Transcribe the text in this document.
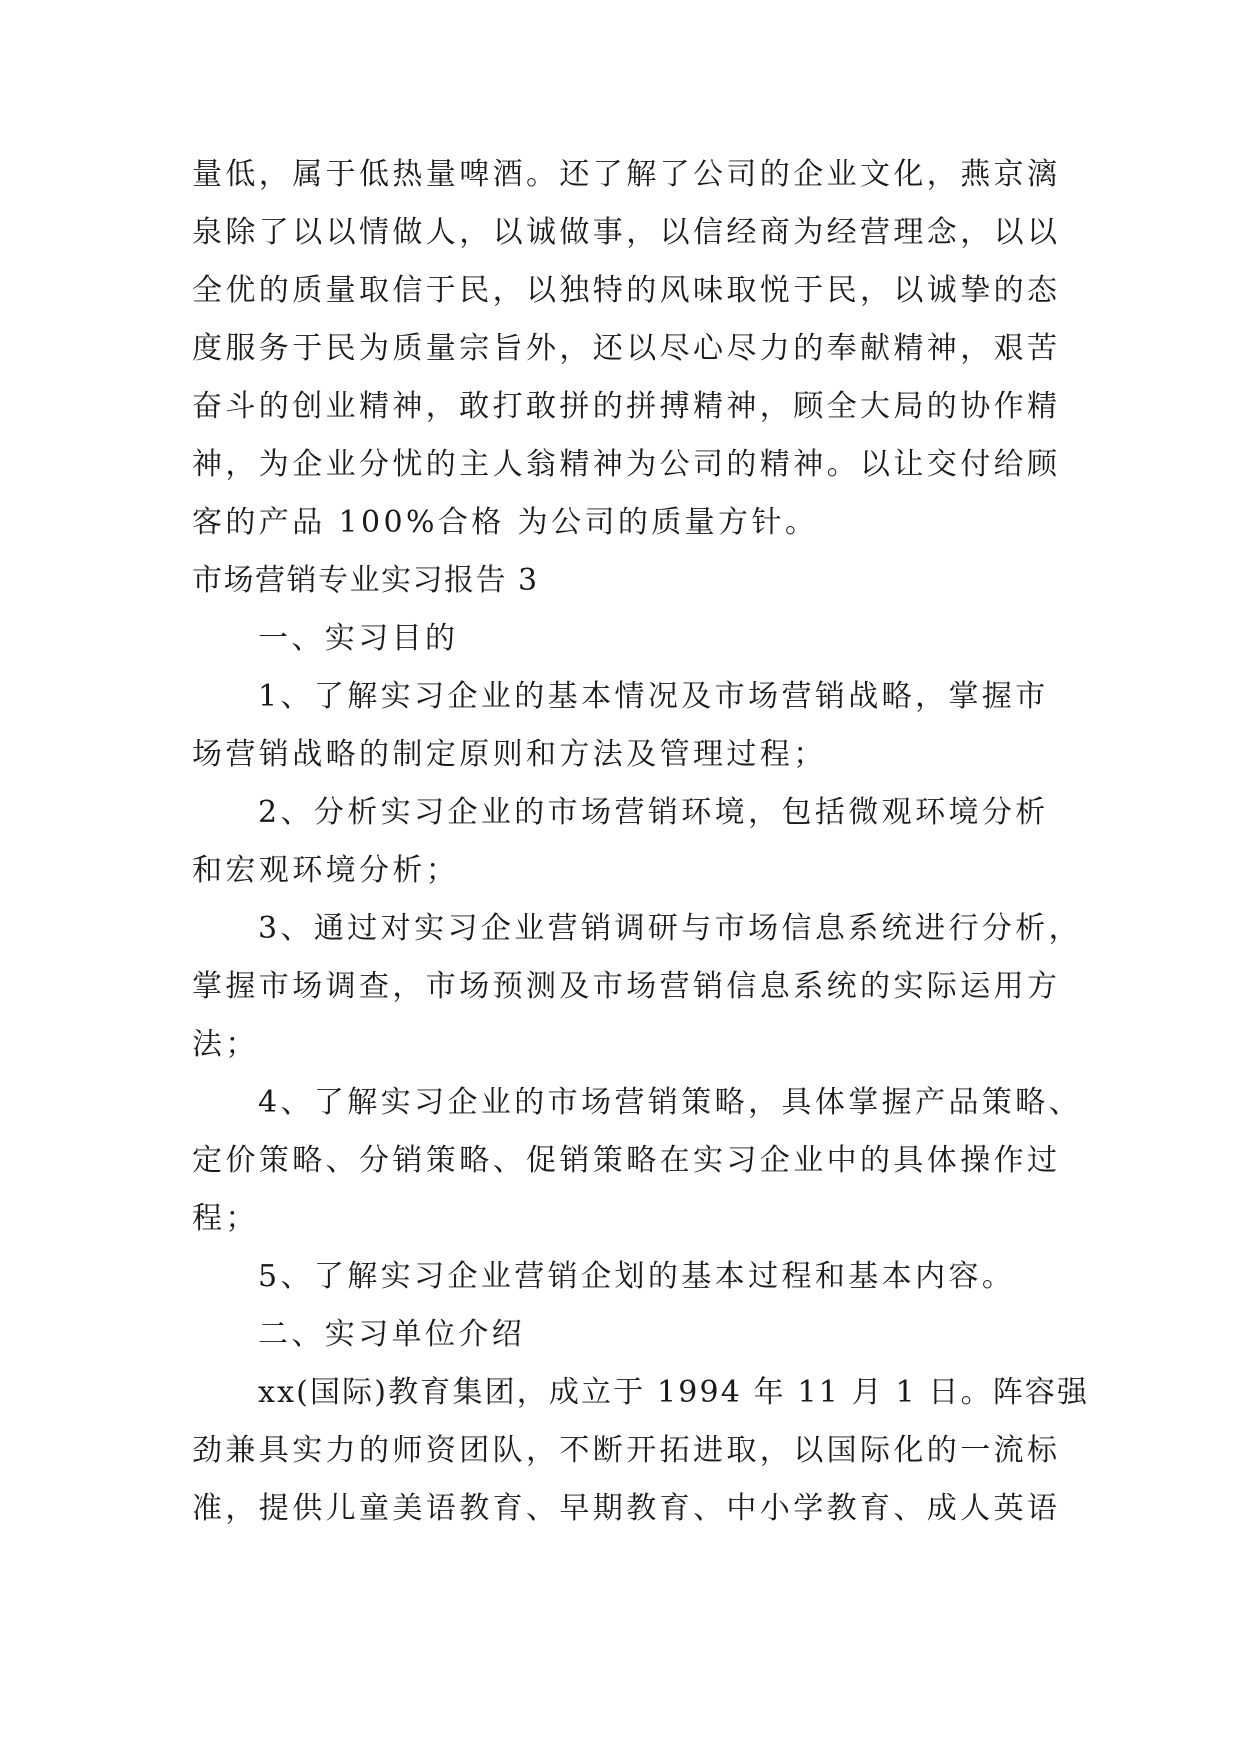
量低，属于低热量啤酒。还了解了公司的企业文化，燕京漓

泉除了以以情做人，以诚做事，以信经商为经营理念，以以

全优的质量取信于民，以独特的风味取悦于民，以诚挚的态

度服务于民为质量宗旨外，还以尽心尽力的奉献精神，艰苦

奋斗的创业精神，敢打敢拼的拼搏精神，顾全大局的协作精

神，为企业分忧的主人翁精神为公司的精神。以让交付给顾

客的产品 100%合格 为公司的质量方针。

市场营销专业实习报告 3

一、实习目的

1、了解实习企业的基本情况及市场营销战略，掌握市

场营销战略的制定原则和方法及管理过程；

2、分析实习企业的市场营销环境，包括微观环境分析

和宏观环境分析；

3、通过对实习企业营销调研与市场信息系统进行分析，

掌握市场调查，市场预测及市场营销信息系统的实际运用方

法；

4、了解实习企业的市场营销策略，具体掌握产品策略、

定价策略、分销策略、促销策略在实习企业中的具体操作过

程；

5、了解实习企业营销企划的基本过程和基本内容。

二、实习单位介绍

xx(国际)教育集团，成立于 1994 年 11 月 1 日。阵容强

劲兼具实力的师资团队，不断开拓进取，以国际化的一流标

准，提供儿童美语教育、早期教育、中小学教育、成人英语
